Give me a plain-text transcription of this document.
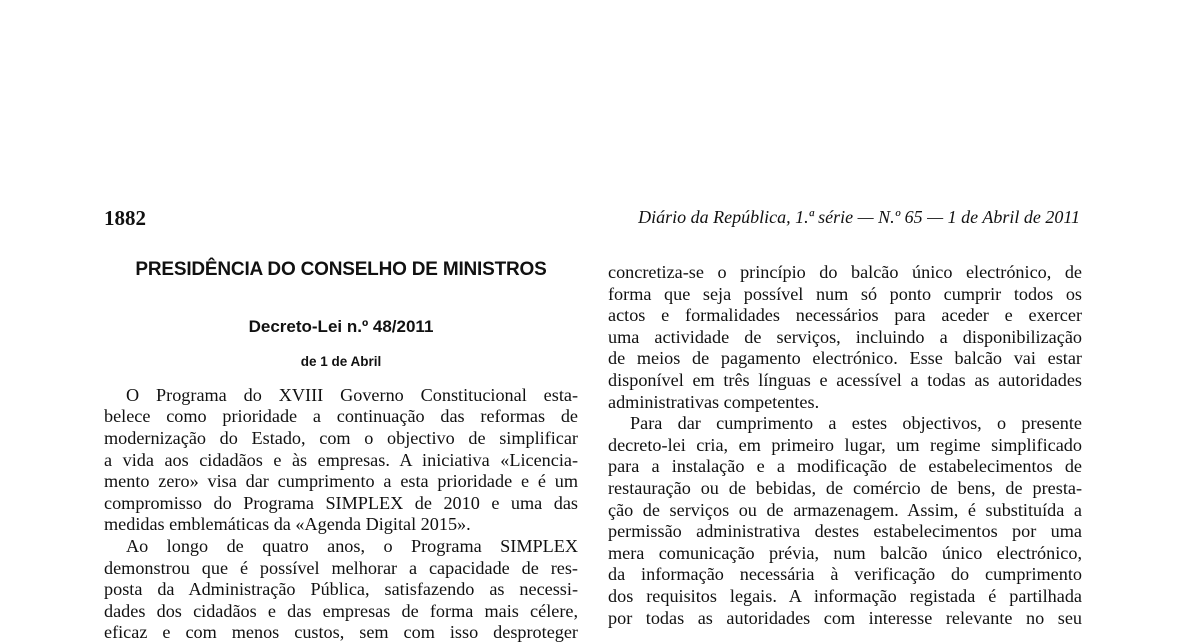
1882	Diário da República, 1.ª série — N.º 65 — 1 de Abril de 2011
PRESIDÊNCIA DO CONSELHO DE MINISTROS
Decreto-Lei n.º 48/2011
de 1 de Abril
O Programa do XVIII Governo Constitucional esta-
belece como prioridade a continuação das reformas de
modernização do Estado, com o objectivo de simplificar
a vida aos cidadãos e às empresas. A iniciativa «Licencia-
mento zero» visa dar cumprimento a esta prioridade e é um
compromisso do Programa SIMPLEX de 2010 e uma das
medidas emblemáticas da «Agenda Digital 2015».
Ao longo de quatro anos, o Programa SIMPLEX
demonstrou que é possível melhorar a capacidade de res-
posta da Administração Pública, satisfazendo as necessi-
dades dos cidadãos e das empresas de forma mais célere,
eficaz e com menos custos, sem com isso desproteger
concretiza-se o princípio do balcão único electrónico, de
forma que seja possível num só ponto cumprir todos os
actos e formalidades necessários para aceder e exercer
uma actividade de serviços, incluindo a disponibilização
de meios de pagamento electrónico. Esse balcão vai estar
disponível em três línguas e acessível a todas as autoridades
administrativas competentes.
Para dar cumprimento a estes objectivos, o presente
decreto-lei cria, em primeiro lugar, um regime simplificado
para a instalação e a modificação de estabelecimentos de
restauração ou de bebidas, de comércio de bens, de presta-
ção de serviços ou de armazenagem. Assim, é substituída a
permissão administrativa destes estabelecimentos por uma
mera comunicação prévia, num balcão único electrónico,
da informação necessária à verificação do cumprimento
dos requisitos legais. A informação registada é partilhada
por todas as autoridades com interesse relevante no seu
